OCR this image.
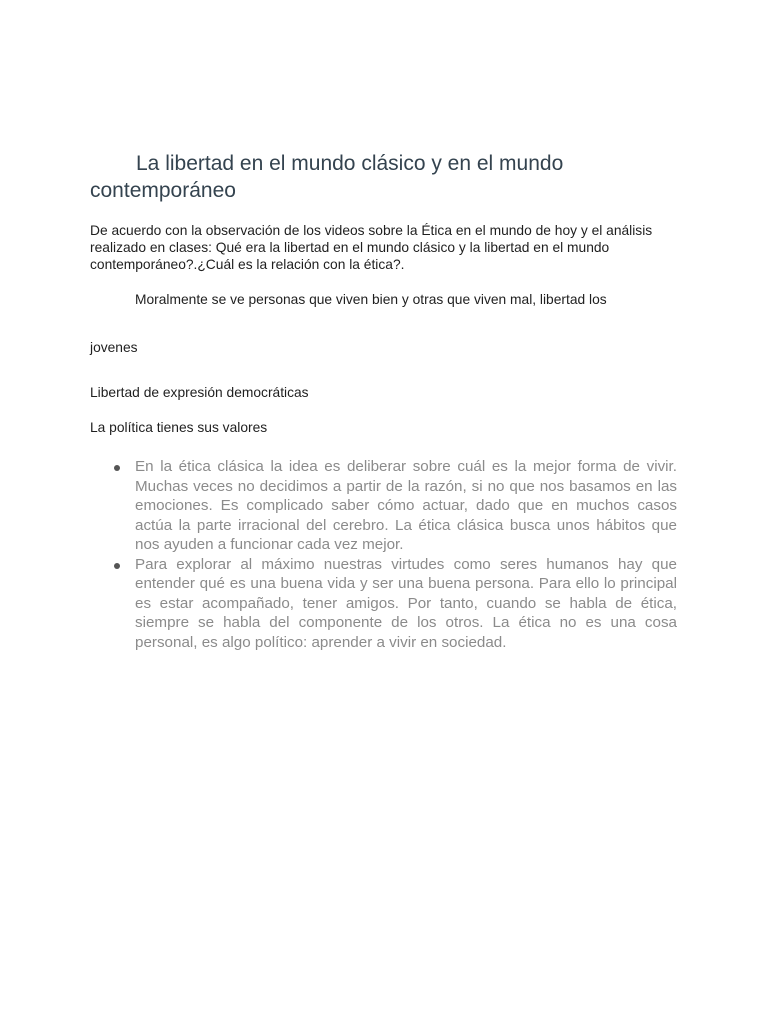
La libertad en el mundo clásico y en el mundo contemporáneo

De acuerdo con la observación de los videos sobre la Ética en el mundo de hoy y el análisis realizado en clases: Qué era la libertad en el mundo clásico y la libertad en el mundo contemporáneo?.¿Cuál es la relación con la ética?.

Moralmente se ve personas que viven bien y otras que viven mal, libertad los

jovenes

Libertad de expresión democráticas

La política tienes sus valores

En la ética clásica la idea es deliberar sobre cuál es la mejor forma de vivir. Muchas veces no decidimos a partir de la razón, si no que nos basamos en las emociones. Es complicado saber cómo actuar, dado que en muchos casos actúa la parte irracional del cerebro. La ética clásica busca unos hábitos que nos ayuden a funcionar cada vez mejor.
Para explorar al máximo nuestras virtudes como seres humanos hay que entender qué es una buena vida y ser una buena persona. Para ello lo principal es estar acompañado, tener amigos. Por tanto, cuando se habla de ética, siempre se habla del componente de los otros. La ética no es una cosa personal, es algo político: aprender a vivir en sociedad.
